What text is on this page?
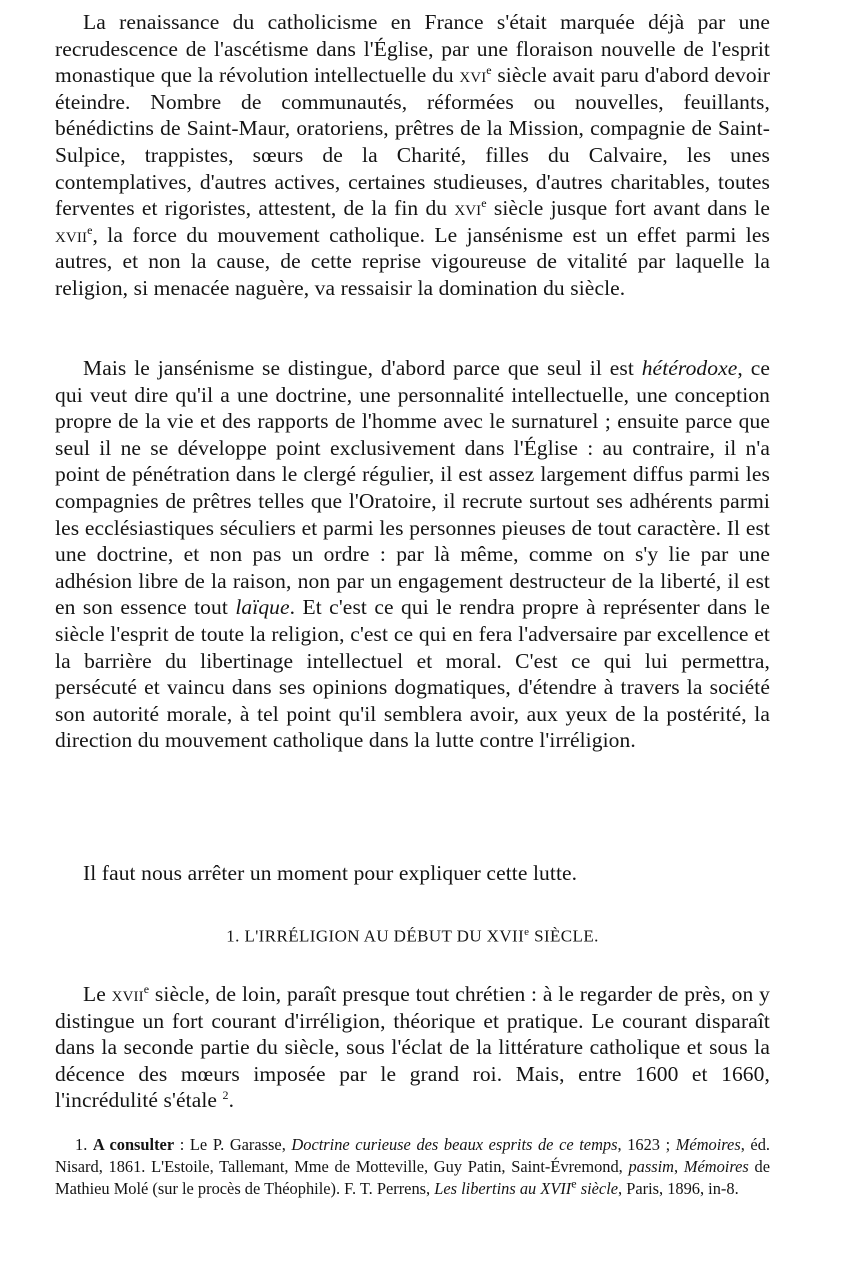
La renaissance du catholicisme en France s'était marquée déjà par une recrudescence de l'ascétisme dans l'Église, par une floraison nouvelle de l'esprit monastique que la révolution intellectuelle du xvi$^e$ siècle avait paru d'abord devoir éteindre. Nombre de communautés, réformées ou nouvelles, feuillants, bénédictins de Saint-Maur, oratoriens, prêtres de la Mission, compagnie de Saint-Sulpice, trappistes, sœurs de la Charité, filles du Calvaire, les unes contemplatives, d'autres actives, certaines studieuses, d'autres charitables, toutes ferventes et rigoristes, attestent, de la fin du xvi$^e$ siècle jusque fort avant dans le xvii$^e$, la force du mouvement catholique. Le jansénisme est un effet parmi les autres, et non la cause, de cette reprise vigoureuse de vitalité par laquelle la religion, si menacée naguère, va ressaisir la domination du siècle.

Mais le jansénisme se distingue, d'abord parce que seul il est hétérodoxe, ce qui veut dire qu'il a une doctrine, une personnalité intellectuelle, une conception propre de la vie et des rapports de l'homme avec le surnaturel ; ensuite parce que seul il ne se développe point exclusivement dans l'Église : au contraire, il n'a point de pénétration dans le clergé régulier, il est assez largement diffus parmi les compagnies de prêtres telles que l'Oratoire, il recrute surtout ses adhérents parmi les ecclésiastiques séculiers et parmi les personnes pieuses de tout caractère. Il est une doctrine, et non pas un ordre : par là même, comme on s'y lie par une adhésion libre de la raison, non par un engagement destructeur de la liberté, il est en son essence tout laïque. Et c'est ce qui le rendra propre à représenter dans le siècle l'esprit de toute la religion, c'est ce qui en fera l'adversaire par excellence et la barrière du libertinage intellectuel et moral. C'est ce qui lui permettra, persécuté et vaincu dans ses opinions dogmatiques, d'étendre à travers la société son autorité morale, à tel point qu'il semblera avoir, aux yeux de la postérité, la direction du mouvement catholique dans la lutte contre l'irréligion.

Il faut nous arrêter un moment pour expliquer cette lutte.

1. L'IRRÉLIGION AU DÉBUT DU XVIIe SIÈCLE.

Le xvii$^e$ siècle, de loin, paraît presque tout chrétien : à le regarder de près, on y distingue un fort courant d'irréligion, théorique et pratique. Le courant disparaît dans la seconde partie du siècle, sous l'éclat de la littérature catholique et sous la décence des mœurs imposée par le grand roi. Mais, entre 1600 et 1660, l'incrédulité s'étale $^2$.

1. A consulter : Le P. Garasse, Doctrine curieuse des beaux esprits de ce temps, 1623 ; Mémoires, éd. Nisard, 1861. L'Estoile, Tallemant, Mme de Motteville, Guy Patin, Saint-Évremond, passim, Mémoires de Mathieu Molé (sur le procès de Théophile). F. T. Perrens, Les libertins au XVIIe siècle, Paris, 1896, in-8.
